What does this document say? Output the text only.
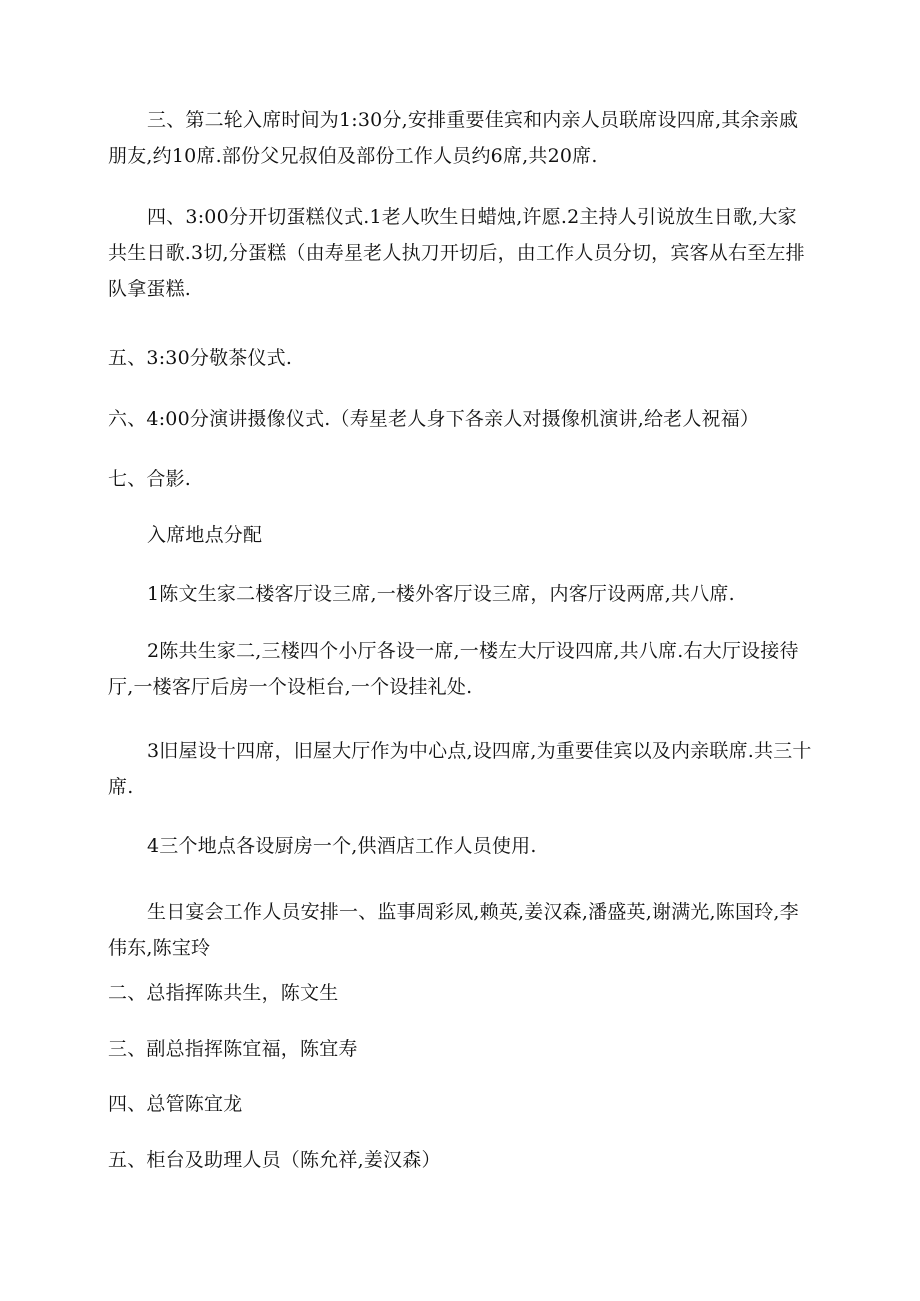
三、第二轮入席时间为1:30分,安排重要佳宾和内亲人员联席设四席,其余亲戚朋友,约10席.部份父兄叔伯及部份工作人员约6席,共20席.

四、3:00分开切蛋糕仪式.1老人吹生日蜡烛,许愿.2主持人引说放生日歌,大家共生日歌.3切,分蛋糕（由寿星老人执刀开切后，由工作人员分切，宾客从右至左排队拿蛋糕.

五、3:30分敬茶仪式.

六、4:00分演讲摄像仪式.（寿星老人身下各亲人对摄像机演讲,给老人祝福）

七、合影.

入席地点分配

1陈文生家二楼客厅设三席,一楼外客厅设三席，内客厅设两席,共八席.

2陈共生家二,三楼四个小厅各设一席,一楼左大厅设四席,共八席.右大厅设接待厅,一楼客厅后房一个设柜台,一个设挂礼处.

3旧屋设十四席，旧屋大厅作为中心点,设四席,为重要佳宾以及内亲联席.共三十席.

4三个地点各设厨房一个,供酒店工作人员使用.

生日宴会工作人员安排一、监事周彩凤,赖英,姜汉森,潘盛英,谢满光,陈国玲,李伟东,陈宝玲

二、总指挥陈共生，陈文生

三、副总指挥陈宜福，陈宜寿

四、总管陈宜龙

五、柜台及助理人员（陈允祥,姜汉森）
